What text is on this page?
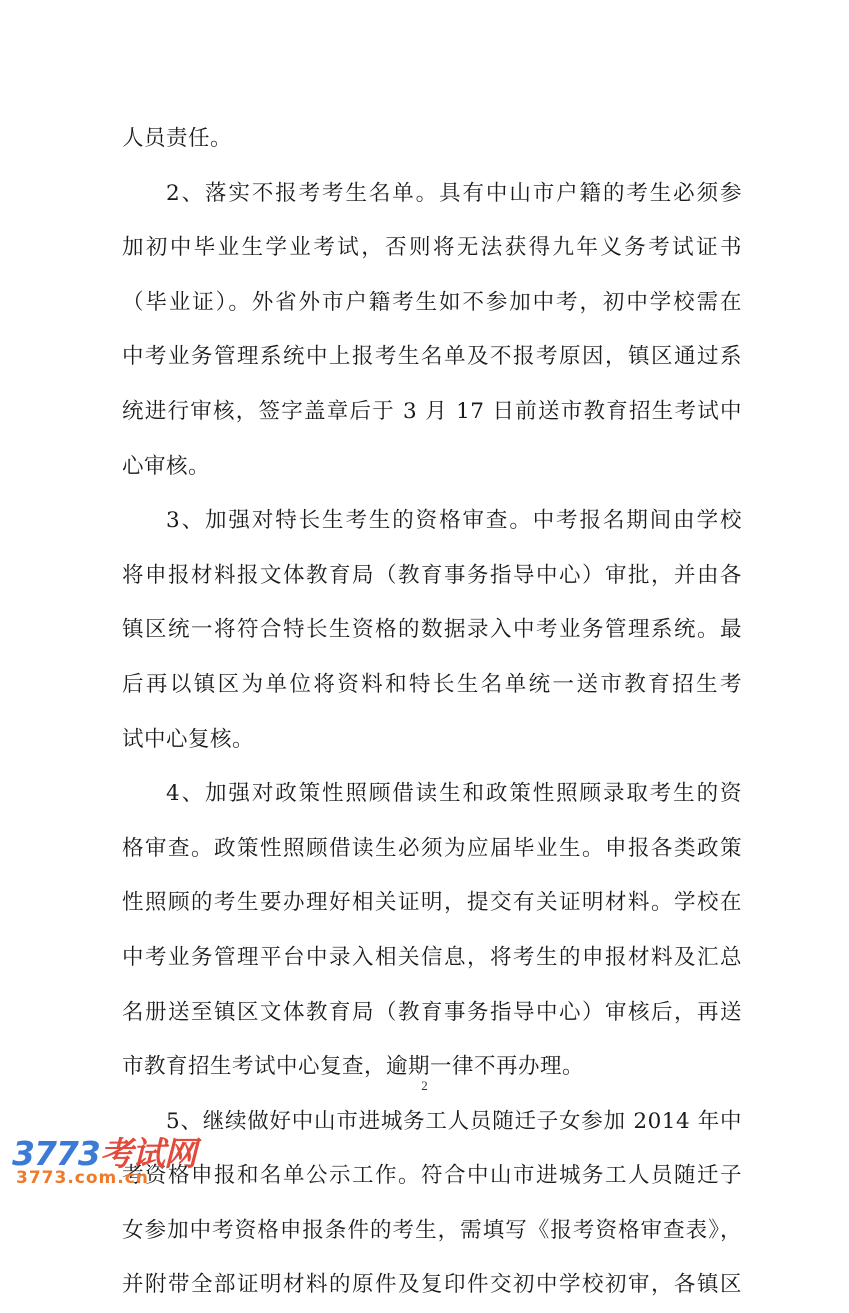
人员责任。
2、落实不报考考生名单。具有中山市户籍的考生必须参
加初中毕业生学业考试，否则将无法获得九年义务考试证书
（毕业证）。外省外市户籍考生如不参加中考，初中学校需在
中考业务管理系统中上报考生名单及不报考原因，镇区通过系
统进行审核，签字盖章后于 3 月 17 日前送市教育招生考试中
心审核。
3、加强对特长生考生的资格审查。中考报名期间由学校
将申报材料报文体教育局（教育事务指导中心）审批，并由各
镇区统一将符合特长生资格的数据录入中考业务管理系统。最
后再以镇区为单位将资料和特长生名单统一送市教育招生考
试中心复核。
4、加强对政策性照顾借读生和政策性照顾录取考生的资
格审查。政策性照顾借读生必须为应届毕业生。申报各类政策
性照顾的考生要办理好相关证明，提交有关证明材料。学校在
中考业务管理平台中录入相关信息，将考生的申报材料及汇总
名册送至镇区文体教育局（教育事务指导中心）审核后，再送
市教育招生考试中心复查，逾期一律不再办理。
5、继续做好中山市进城务工人员随迁子女参加 2014 年中
考资格申报和名单公示工作。符合中山市进城务工人员随迁子
女参加中考资格申报条件的考生，需填写《报考资格审查表》，
并附带全部证明材料的原件及复印件交初中学校初审，各镇区
2
3773考试网
3773.com.cn
